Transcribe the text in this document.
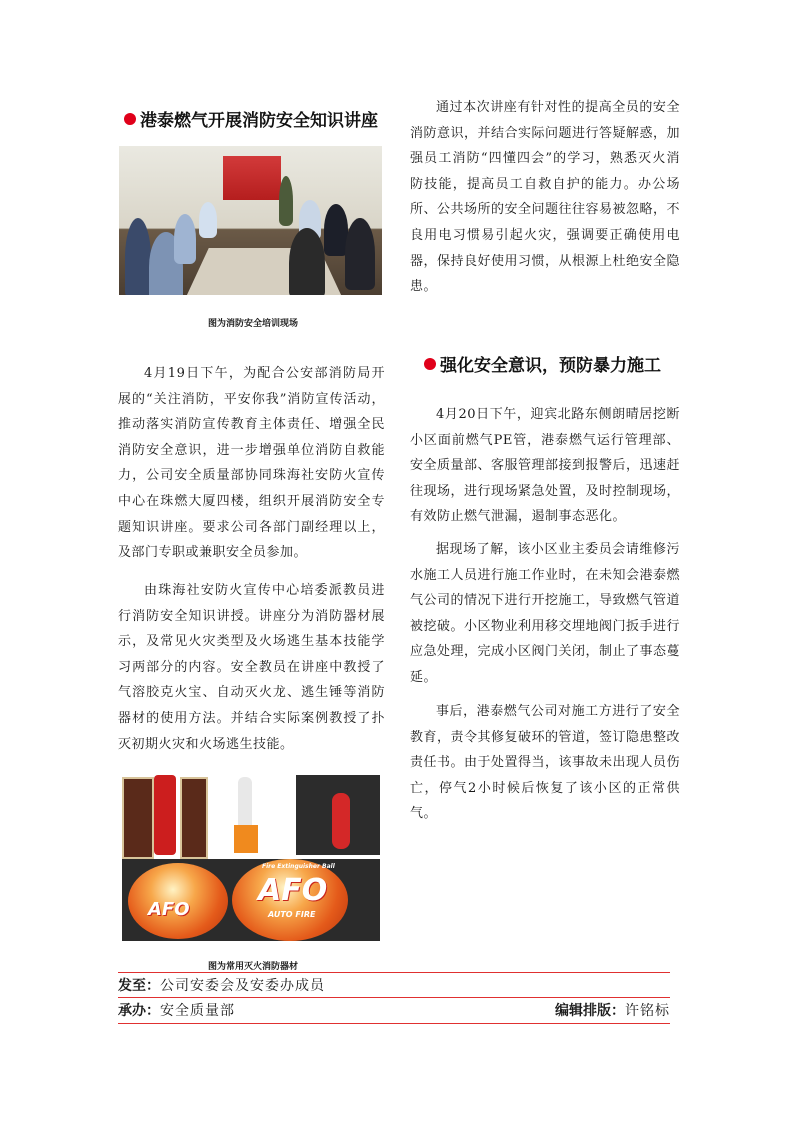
港泰燃气开展消防安全知识讲座
图为消防安全培训现场

4月19日下午，为配合公安部消防局开展的“关注消防，平安你我”消防宣传活动，推动落实消防宣传教育主体责任、增强全民消防安全意识，进一步增强单位消防自救能力，公司安全质量部协同珠海社安防火宣传中心在珠燃大厦四楼，组织开展消防安全专题知识讲座。要求公司各部门副经理以上，及部门专职或兼职安全员参加。

由珠海社安防火宣传中心培委派教员进行消防安全知识讲授。讲座分为消防器材展示，及常见火灾类型及火场逃生基本技能学习两部分的内容。安全教员在讲座中教授了气溶胶克火宝、自动灭火龙、逃生锤等消防器材的使用方法。并结合实际案例教授了扑灭初期火灾和火场逃生技能。

AFO
AFO
Fire Extinguisher Ball
AUTO FIRE
图为常用灭火消防器材

通过本次讲座有针对性的提高全员的安全消防意识，并结合实际问题进行答疑解惑，加强员工消防“四懂四会”的学习，熟悉灭火消防技能，提高员工自救自护的能力。办公场所、公共场所的安全问题往往容易被忽略，不良用电习惯易引起火灾，强调要正确使用电器，保持良好使用习惯，从根源上杜绝安全隐患。

强化安全意识，预防暴力施工

4月20日下午，迎宾北路东侧朗晴居挖断小区面前燃气PE管，港泰燃气运行管理部、安全质量部、客服管理部接到报警后，迅速赶往现场，进行现场紧急处置，及时控制现场，有效防止燃气泄漏，遏制事态恶化。

据现场了解，该小区业主委员会请维修污水施工人员进行施工作业时，在未知会港泰燃气公司的情况下进行开挖施工，导致燃气管道被挖破。小区物业利用移交埋地阀门扳手进行应急处理，完成小区阀门关闭，制止了事态蔓延。

事后，港泰燃气公司对施工方进行了安全教育，责令其修复破环的管道，签订隐患整改责任书。由于处置得当，该事故未出现人员伤亡，停气2小时候后恢复了该小区的正常供气。

发至：公司安委会及安委办成员
承办：安全质量部	编辑排版：许铭标
